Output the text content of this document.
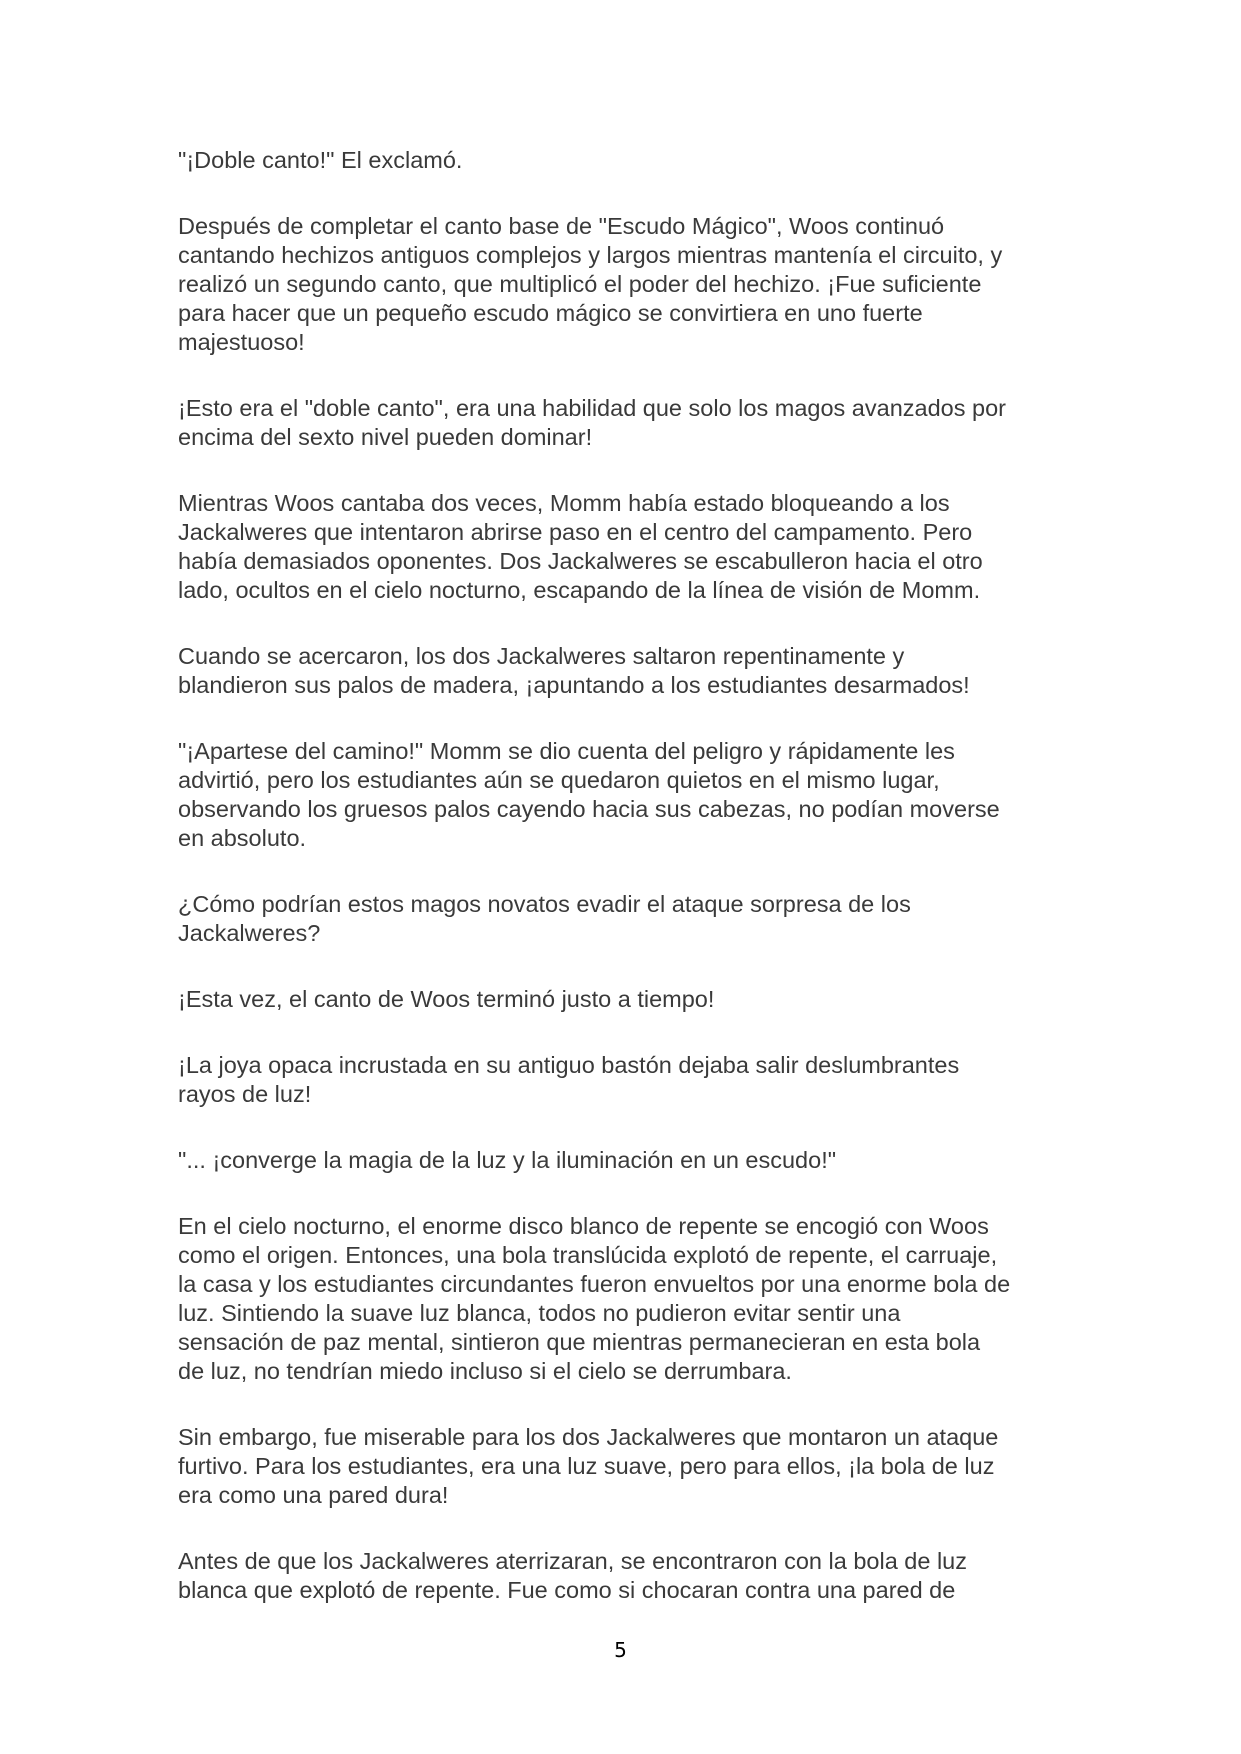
"¡Doble canto!" El exclamó.

Después de completar el canto base de "Escudo Mágico", Woos continuó
cantando hechizos antiguos complejos y largos mientras mantenía el circuito, y
realizó un segundo canto, que multiplicó el poder del hechizo. ¡Fue suficiente
para hacer que un pequeño escudo mágico se convirtiera en uno fuerte
majestuoso!

¡Esto era el "doble canto", era una habilidad que solo los magos avanzados por
encima del sexto nivel pueden dominar!

Mientras Woos cantaba dos veces, Momm había estado bloqueando a los
Jackalweres que intentaron abrirse paso en el centro del campamento. Pero
había demasiados oponentes. Dos Jackalweres se escabulleron hacia el otro
lado, ocultos en el cielo nocturno, escapando de la línea de visión de Momm.

Cuando se acercaron, los dos Jackalweres saltaron repentinamente y
blandieron sus palos de madera, ¡apuntando a los estudiantes desarmados!

"¡Apartese del camino!" Momm se dio cuenta del peligro y rápidamente les
advirtió, pero los estudiantes aún se quedaron quietos en el mismo lugar,
observando los gruesos palos cayendo hacia sus cabezas, no podían moverse
en absoluto.

¿Cómo podrían estos magos novatos evadir el ataque sorpresa de los
Jackalweres?

¡Esta vez, el canto de Woos terminó justo a tiempo!

¡La joya opaca incrustada en su antiguo bastón dejaba salir deslumbrantes
rayos de luz!

"... ¡converge la magia de la luz y la iluminación en un escudo!"

En el cielo nocturno, el enorme disco blanco de repente se encogió con Woos
como el origen. Entonces, una bola translúcida explotó de repente, el carruaje,
la casa y los estudiantes circundantes fueron envueltos por una enorme bola de
luz. Sintiendo la suave luz blanca, todos no pudieron evitar sentir una
sensación de paz mental, sintieron que mientras permanecieran en esta bola
de luz, no tendrían miedo incluso si el cielo se derrumbara.

Sin embargo, fue miserable para los dos Jackalweres que montaron un ataque
furtivo. Para los estudiantes, era una luz suave, pero para ellos, ¡la bola de luz
era como una pared dura!

Antes de que los Jackalweres aterrizaran, se encontraron con la bola de luz
blanca que explotó de repente. Fue como si chocaran contra una pared de

5
